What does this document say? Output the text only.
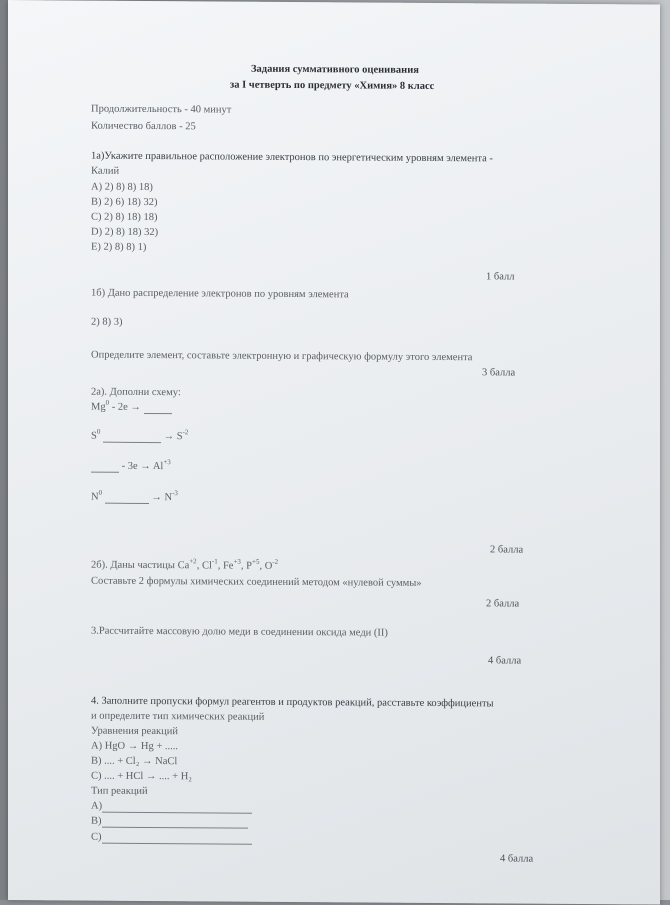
Задания суммативного оценивания
за I четверть по предмету «Химия» 8 класс
Продолжительность - 40 минут
Количество баллов - 25
1а)Укажите правильное расположение электронов по энергетическим уровням элемента -
Калий
А) 2) 8) 8) 18)
В) 2) 6) 18) 32)
С) 2) 8) 18) 18)
D) 2) 8) 18) 32)
Е) 2) 8) 8) 1)
1 балл
1б) Дано распределение электронов по уровням элемента
2) 8) 3)
Определите элемент, составьте электронную и графическую формулу этого элемента
3 балла
2а). Дополни схему:
Mg$^0$ - 2e →
$S^0$	→ $S^{-2}$
- $3e \to Al^{+3}$
$N^0$	→ $N^{-3}$
2 балла
2б). Даны частицы $Ca^{+2}$, $Cl^{-1}$, $Fe^{+3}$, $P^{+5}$, $O^{-2}$
Составьте 2 формулы химических соединений методом «нулевой суммы»
2 балла
3.Рассчитайте массовую долю меди в соединении оксида меди (II)
4 балла
4. Заполните пропуски формул реагентов и продуктов реакций, расставьте коэффициенты
и определите тип химических реакций
Уравнения реакций
А) HgO → Hg + .....
В) .... + Cl₂ → NaCl
С) .... + HCl → .... + H₂
Тип реакций
А)
В)
С)
4 балла
